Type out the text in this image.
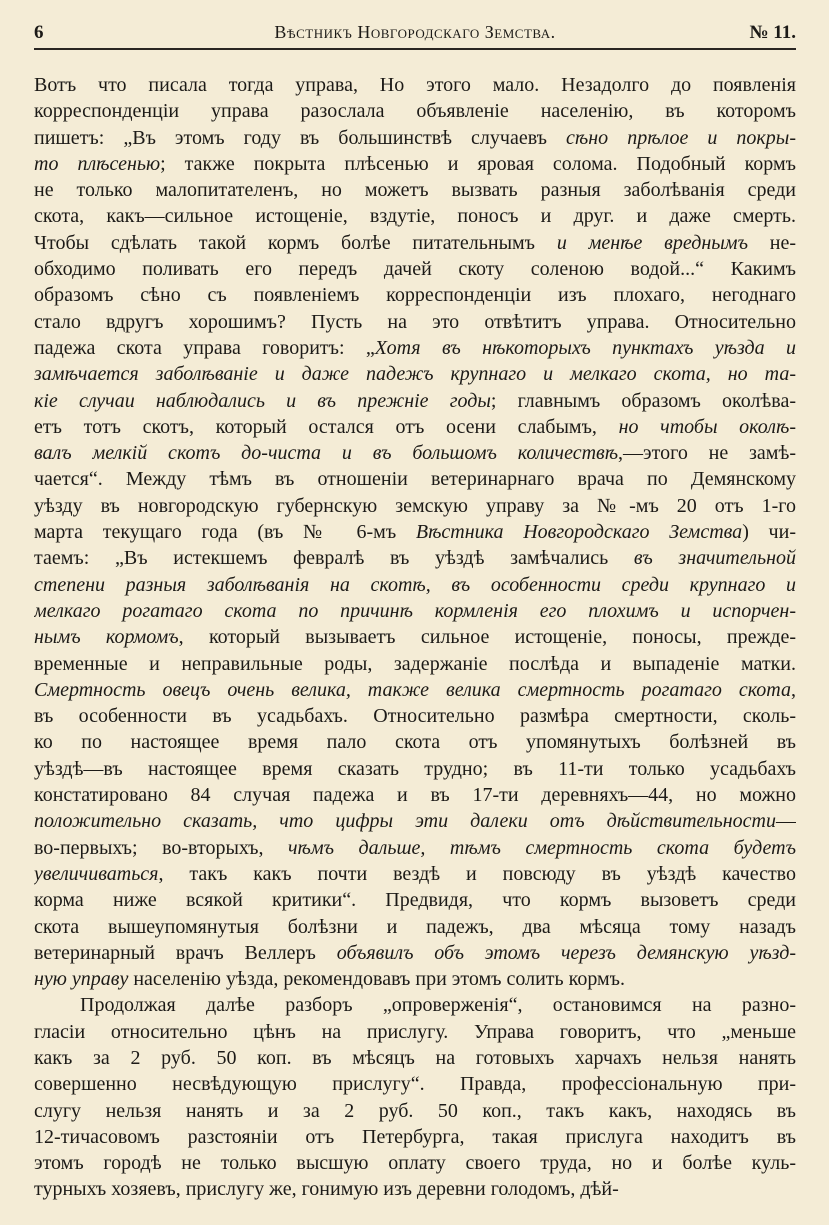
6	Вѣстникъ Новгородскаго Земства.	№ 11.
Вотъ что писала тогда управа, Но этого мало. Незадолго до появленія
корреспонденціи управа разослала объявленіе населенію, въ которомъ
пишетъ: „Въ этомъ году въ большинствѣ случаевъ сѣно прѣлое и покры-
то плѣсенью; также покрыта плѣсенью и яровая солома. Подобный кормъ
не только малопитателенъ, но можетъ вызвать разныя заболѣванія среди
скота, какъ—сильное истощеніе, вздутіе, поносъ и друг. и даже смерть.
Чтобы сдѣлать такой кормъ болѣе питательнымъ и менѣе вреднымъ не-
обходимо поливать его передъ дачей скоту соленою водой...“ Какимъ
образомъ сѣно съ появленіемъ корреспонденціи изъ плохаго, негоднаго
стало вдругъ хорошимъ? Пусть на это отвѣтитъ управа. Относительно
падежа скота управа говоритъ: „Хотя въ нѣкоторыхъ пунктахъ уѣзда и
замѣчается заболѣваніе и даже падежъ крупнаго и мелкаго скота, но та-
кіе случаи наблюдались и въ прежніе годы; главнымъ образомъ околѣва-
етъ тотъ скотъ, который остался отъ осени слабымъ, но чтобы околѣ-
валъ мелкій скотъ до-чиста и въ большомъ количествѣ,—этого не замѣ-
чается“. Между тѣмъ въ отношеніи ветеринарнаго врача по Демянскому
уѣзду въ новгородскую губернскую земскую управу за №-мъ 20 отъ 1-го
марта текущаго года (въ № 6-мъ Вѣстника Новгородскаго Земства) чи-
таемъ: „Въ истекшемъ февралѣ въ уѣздѣ замѣчались въ значительной
степени разныя заболѣванія на скотѣ, въ особенности среди крупнаго и
мелкаго рогатаго скота по причинѣ кормленія его плохимъ и испорчен-
нымъ кормомъ, который вызываетъ сильное истощеніе, поносы, прежде-
временные и неправильные роды, задержаніе послѣда и выпаденіе матки.
Смертность овецъ очень велика, также велика смертность рогатаго скота,
въ особенности въ усадьбахъ. Относительно размѣра смертности, сколь-
ко по настоящее время пало скота отъ упомянутыхъ болѣзней въ
уѣздѣ—въ настоящее время сказать трудно; въ 11-ти только усадьбахъ
констатировано 84 случая падежа и въ 17-ти деревняхъ—44, но можно
положительно сказать, что цифры эти далеки отъ дѣйствительности—
во-первыхъ; во-вторыхъ, чѣмъ дальше, тѣмъ смертность скота будетъ
увеличиваться, такъ какъ почти вездѣ и повсюду въ уѣздѣ качество
корма ниже всякой критики“. Предвидя, что кормъ вызоветъ среди
скота вышеупомянутыя болѣзни и падежъ, два мѣсяца тому назадъ
ветеринарный врачъ Веллеръ объявилъ объ этомъ черезъ демянскую уѣзд-
ную управу населенію уѣзда, рекомендовавъ при этомъ солить кормъ.
Продолжая далѣе разборъ „опроверженія“, остановимся на разно-
гласіи относительно цѣнъ на прислугу. Управа говоритъ, что „меньше
какъ за 2 руб. 50 коп. въ мѣсяцъ на готовыхъ харчахъ нельзя нанять
совершенно несвѣдующую прислугу“. Правда, профессіональную при-
слугу нельзя нанять и за 2 руб. 50 коп., такъ какъ, находясь въ
12-тичасовомъ разстояніи отъ Петербурга, такая прислуга находитъ въ
этомъ городѣ не только высшую оплату своего труда, но и болѣе куль-
турныхъ хозяевъ, прислугу же, гонимую изъ деревни голодомъ, дѣй-
